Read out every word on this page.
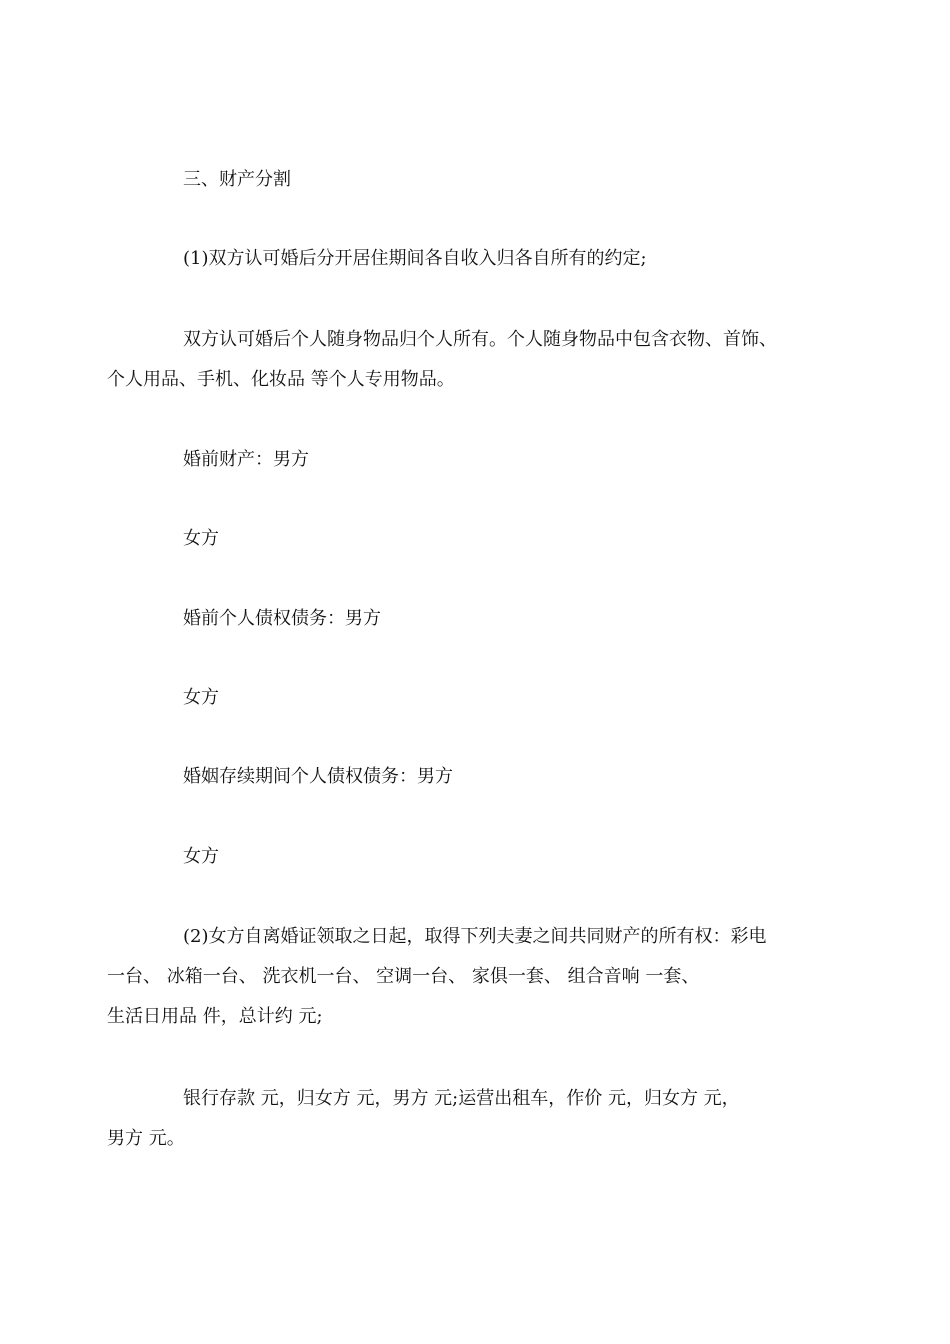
三、财产分割

(1)双方认可婚后分开居住期间各自收入归各自所有的约定;

双方认可婚后个人随身物品归个人所有。个人随身物品中包含衣物、首饰、
个人用品、手机、化妆品 等个人专用物品。

婚前财产：男方

女方

婚前个人债权债务：男方

女方

婚姻存续期间个人债权债务：男方

女方

(2)女方自离婚证领取之日起，取得下列夫妻之间共同财产的所有权：彩电
一台、 冰箱一台、 洗衣机一台、 空调一台、 家俱一套、 组合音响 一套、
生活日用品 件，总计约 元;

银行存款 元，归女方 元，男方 元;运营出租车，作价 元，归女方 元，
男方 元。
